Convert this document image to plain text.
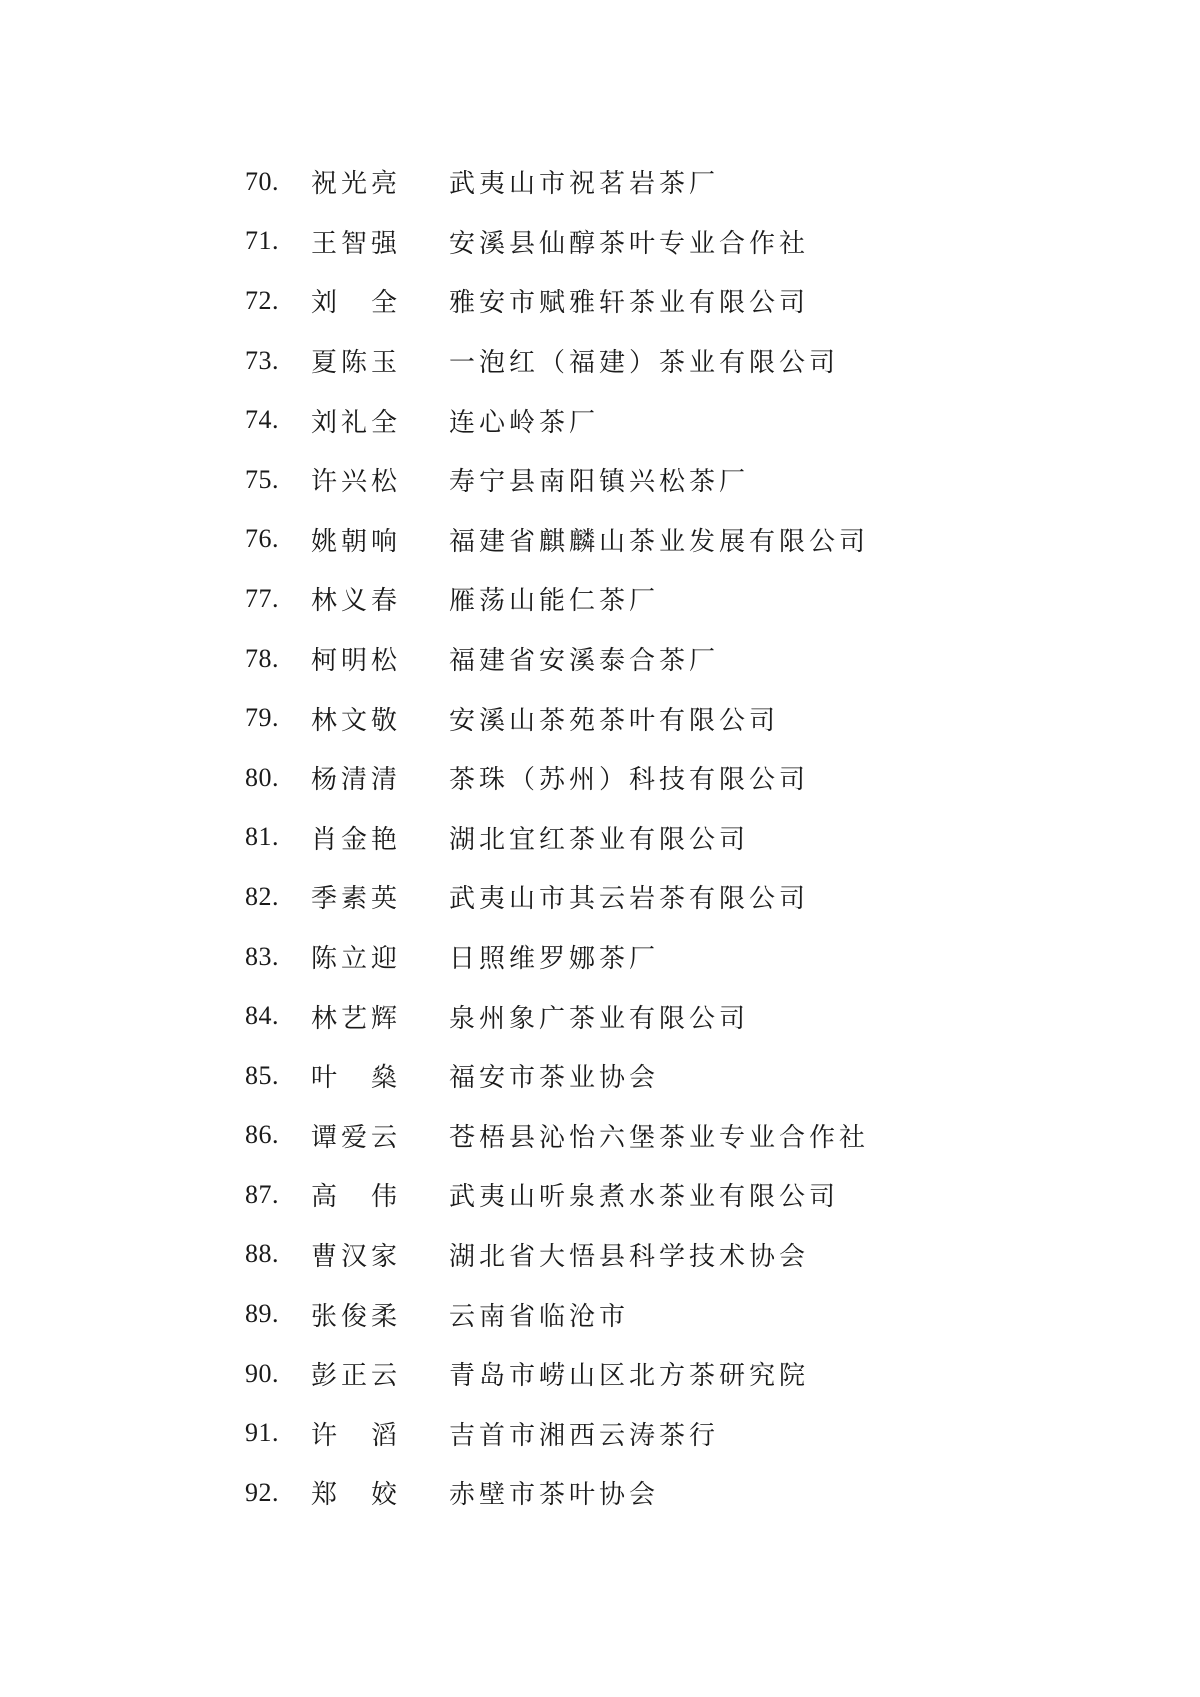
70.	祝光亮	武夷山市祝茗岩茶厂
71.	王智强	安溪县仙醇茶叶专业合作社
72.	刘　全	雅安市赋雅轩茶业有限公司
73.	夏陈玉	一泡红（福建）茶业有限公司
74.	刘礼全	连心岭茶厂
75.	许兴松	寿宁县南阳镇兴松茶厂
76.	姚朝响	福建省麒麟山茶业发展有限公司
77.	林义春	雁荡山能仁茶厂
78.	柯明松	福建省安溪泰合茶厂
79.	林文敬	安溪山茶苑茶叶有限公司
80.	杨清清	茶珠（苏州）科技有限公司
81.	肖金艳	湖北宜红茶业有限公司
82.	季素英	武夷山市其云岩茶有限公司
83.	陈立迎	日照维罗娜茶厂
84.	林艺辉	泉州象广茶业有限公司
85.	叶　燊	福安市茶业协会
86.	谭爱云	苍梧县沁怡六堡茶业专业合作社
87.	高　伟	武夷山听泉煮水茶业有限公司
88.	曹汉家	湖北省大悟县科学技术协会
89.	张俊柔	云南省临沧市
90.	彭正云	青岛市崂山区北方茶研究院
91.	许　滔	吉首市湘西云涛茶行
92.	郑　姣	赤壁市茶叶协会
